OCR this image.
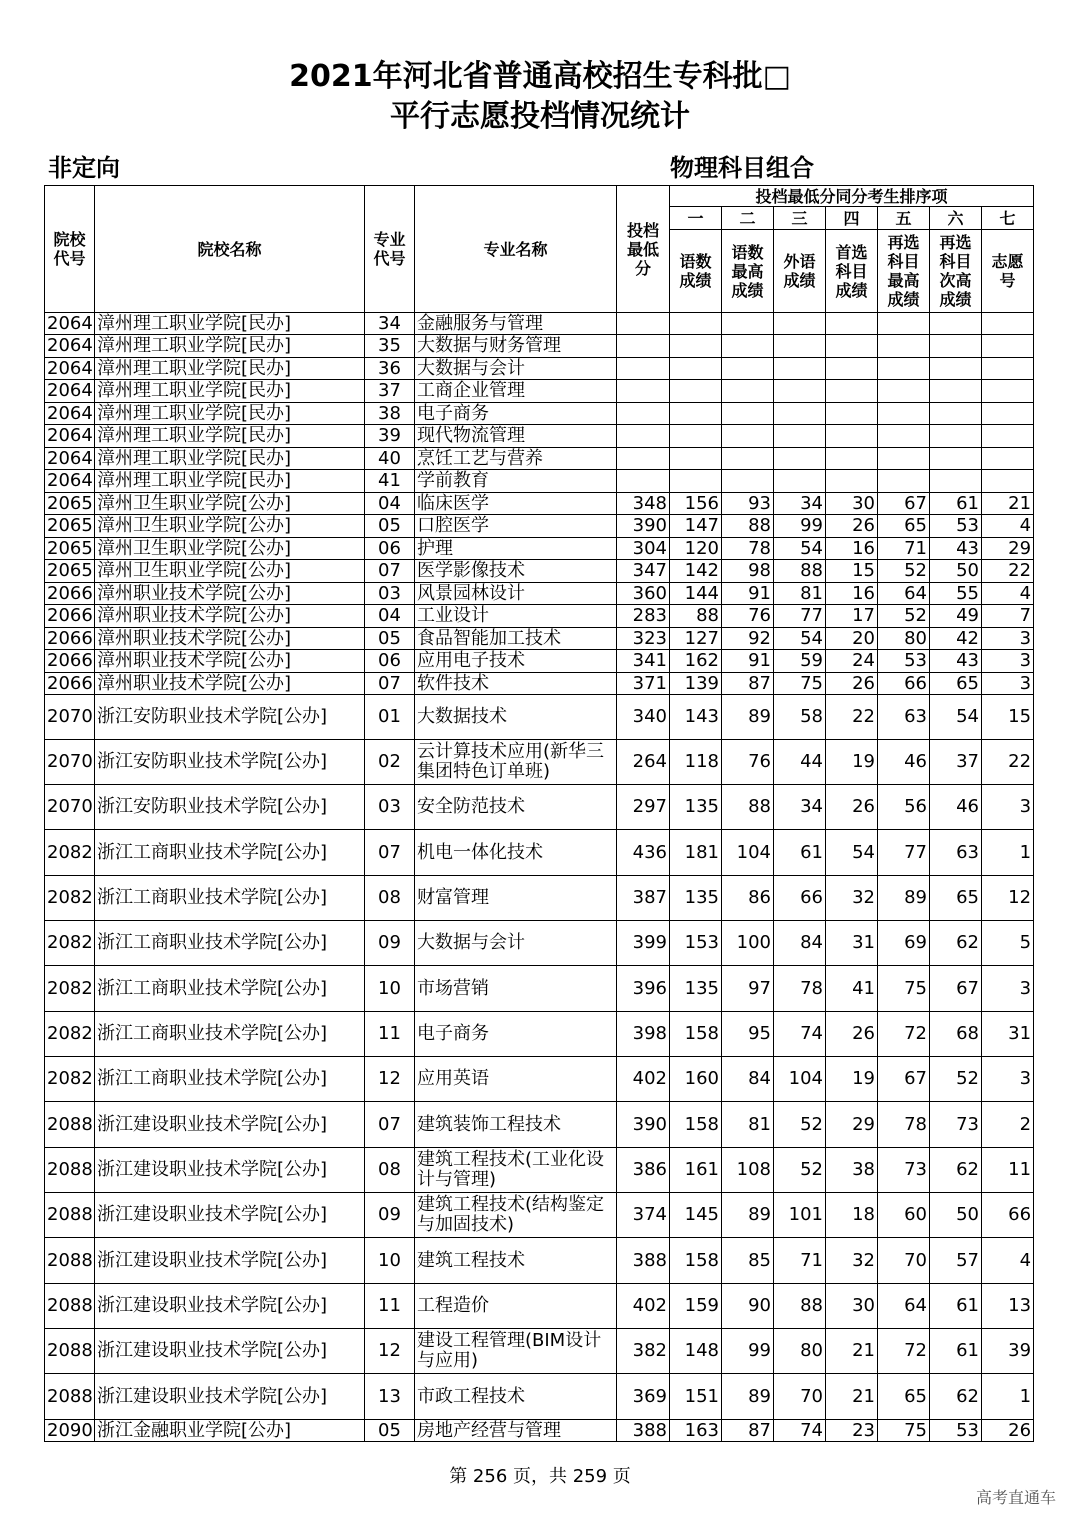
2021年河北省普通高校招生专科批□
平行志愿投档情况统计
非定向	物理科目组合
院校代号	院校名称	专业代号	专业名称	投档最低分	投档最低分同分考生排序项						
					一	二	三	四	五	六	七
					语数成绩	语数最高成绩	外语成绩	首选科目成绩	再选科目最高成绩	再选科目次高成绩	志愿号
2064	漳州理工职业学院[民办]	34	金融服务与管理								
2064	漳州理工职业学院[民办]	35	大数据与财务管理								
2064	漳州理工职业学院[民办]	36	大数据与会计								
2064	漳州理工职业学院[民办]	37	工商企业管理								
2064	漳州理工职业学院[民办]	38	电子商务								
2064	漳州理工职业学院[民办]	39	现代物流管理								
2064	漳州理工职业学院[民办]	40	烹饪工艺与营养								
2064	漳州理工职业学院[民办]	41	学前教育								
2065	漳州卫生职业学院[公办]	04	临床医学	348	156	93	34	30	67	61	21
2065	漳州卫生职业学院[公办]	05	口腔医学	390	147	88	99	26	65	53	4
2065	漳州卫生职业学院[公办]	06	护理	304	120	78	54	16	71	43	29
2065	漳州卫生职业学院[公办]	07	医学影像技术	347	142	98	88	15	52	50	22
2066	漳州职业技术学院[公办]	03	风景园林设计	360	144	91	81	16	64	55	4
2066	漳州职业技术学院[公办]	04	工业设计	283	88	76	77	17	52	49	7
2066	漳州职业技术学院[公办]	05	食品智能加工技术	323	127	92	54	20	80	42	3
2066	漳州职业技术学院[公办]	06	应用电子技术	341	162	91	59	24	53	43	3
2066	漳州职业技术学院[公办]	07	软件技术	371	139	87	75	26	66	65	3
2070	浙江安防职业技术学院[公办]	01	大数据技术	340	143	89	58	22	63	54	15
2070	浙江安防职业技术学院[公办]	02	云计算技术应用(新华三集团特色订单班)	264	118	76	44	19	46	37	22
2070	浙江安防职业技术学院[公办]	03	安全防范技术	297	135	88	34	26	56	46	3
2082	浙江工商职业技术学院[公办]	07	机电一体化技术	436	181	104	61	54	77	63	1
2082	浙江工商职业技术学院[公办]	08	财富管理	387	135	86	66	32	89	65	12
2082	浙江工商职业技术学院[公办]	09	大数据与会计	399	153	100	84	31	69	62	5
2082	浙江工商职业技术学院[公办]	10	市场营销	396	135	97	78	41	75	67	3
2082	浙江工商职业技术学院[公办]	11	电子商务	398	158	95	74	26	72	68	31
2082	浙江工商职业技术学院[公办]	12	应用英语	402	160	84	104	19	67	52	3
2088	浙江建设职业技术学院[公办]	07	建筑装饰工程技术	390	158	81	52	29	78	73	2
2088	浙江建设职业技术学院[公办]	08	建筑工程技术(工业化设计与管理)	386	161	108	52	38	73	62	11
2088	浙江建设职业技术学院[公办]	09	建筑工程技术(结构鉴定与加固技术)	374	145	89	101	18	60	50	66
2088	浙江建设职业技术学院[公办]	10	建筑工程技术	388	158	85	71	32	70	57	4
2088	浙江建设职业技术学院[公办]	11	工程造价	402	159	90	88	30	64	61	13
2088	浙江建设职业技术学院[公办]	12	建设工程管理(BIM设计与应用)	382	148	99	80	21	72	61	39
2088	浙江建设职业技术学院[公办]	13	市政工程技术	369	151	89	70	21	65	62	1
2090	浙江金融职业学院[公办]	05	房地产经营与管理	388	163	87	74	23	75	53	26
第 256 页，共 259 页
高考直通车
